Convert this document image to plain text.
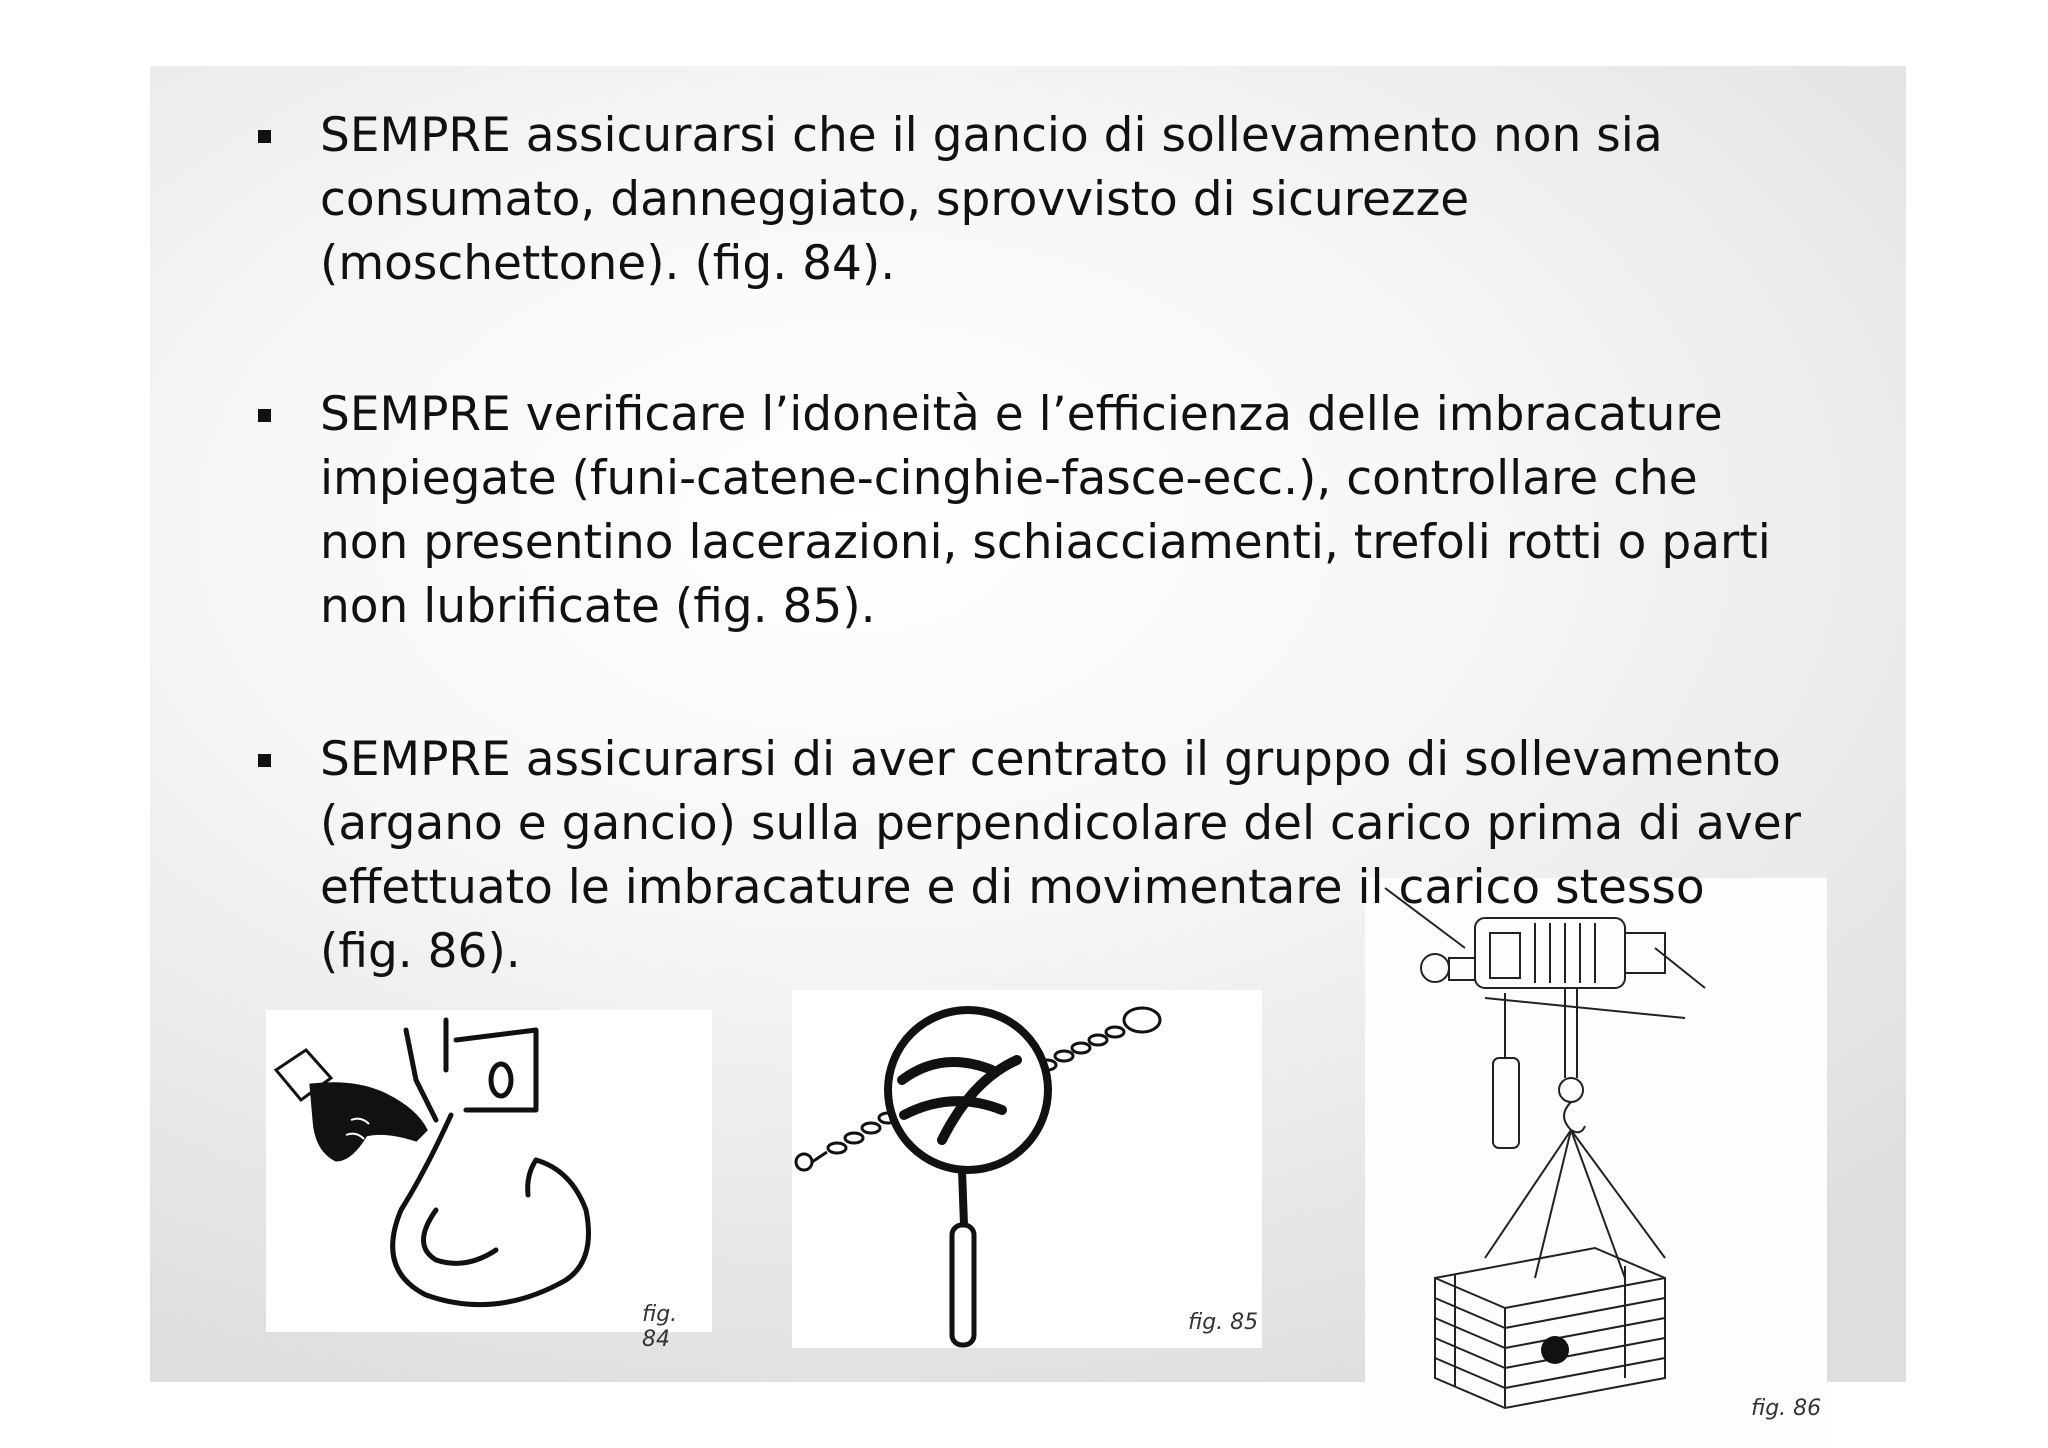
SEMPRE assicurarsi che il gancio di sollevamento non sia
consumato, danneggiato, sprovvisto di sicurezze
(moschettone). (fig. 84).
SEMPRE verificare l’idoneità e l’efficienza delle imbracature
impiegate (funi-catene-cinghie-fasce-ecc.), controllare che
non presentino lacerazioni, schiacciamenti, trefoli rotti o parti
non lubrificate (fig. 85).
fig. 86
SEMPRE assicurarsi di aver centrato il gruppo di sollevamento
(argano e gancio) sulla perpendicolare del carico prima di aver
effettuato le imbracature e di movimentare il carico stesso
(fig. 86).
fig. 84
fig. 85
